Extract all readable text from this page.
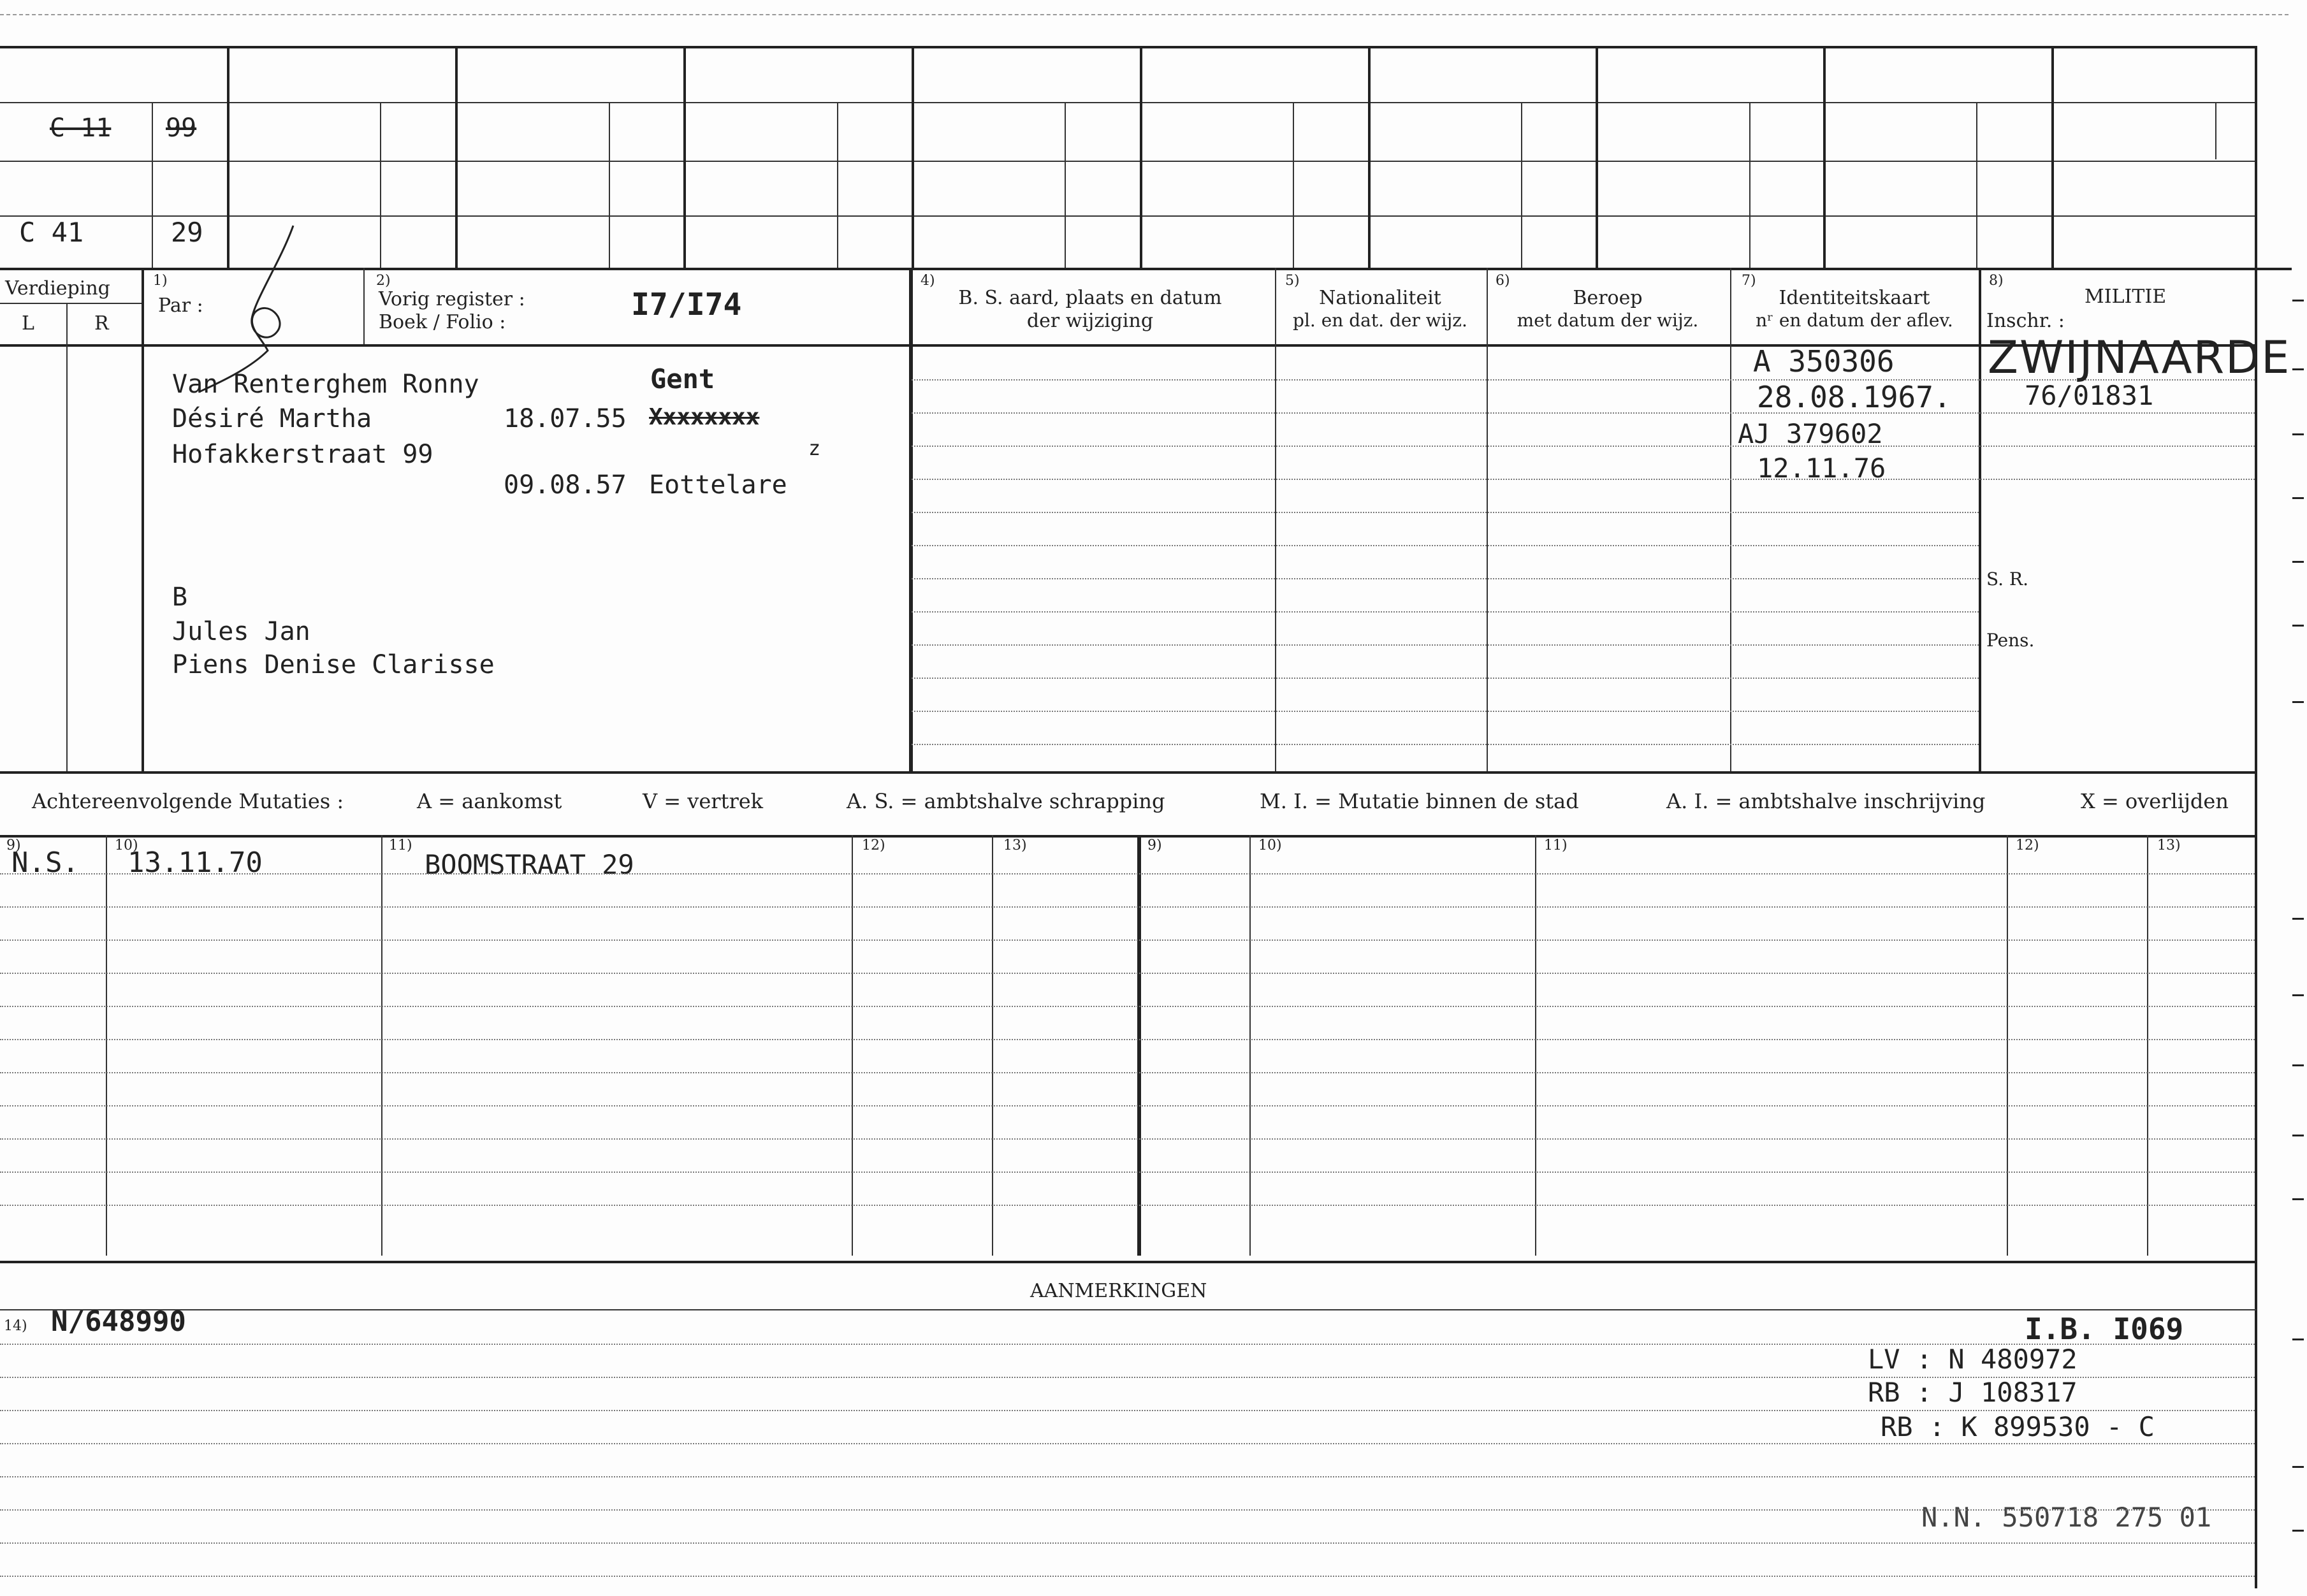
C 11 99
C 41	29
Verdieping
L	R
1)
Par :
2)
Vorig register :
Boek / Folio :	I7/I74
4)
B. S. aard, plaats en datum
der wijziging
5)
Nationaliteit
pl. en dat. der wijz.
6)
Beroep
met datum der wijz.
7)
Identiteitskaart
nʳ en datum der aflev.
8)
MILITIE
Inschr. :
Van Renterghem Ronny
Désiré Martha
Hofakkerstraat 99
Gent
18.07.55 Xxxxxxxx
z
09.08.57 Eottelare
B
Jules Jan
Piens Denise Clarisse
A 350306
28.08.1967.
AJ 379602
12.11.76
ZWIJNAARDE
76/01831
S. R.
Pens.
Achtereenvolgende Mutaties :	A = aankomst	V = vertrek	A. S. = ambtshalve schrapping	M. I. = Mutatie binnen de stad	A. I. = ambtshalve inschrijving	X = overlijden
9)	10)	11)	12)	13)	9)	10)	11)	12)	13)
N.S. 13.11.70	BOOMSTRAAT 29
AANMERKINGEN
14) N/648990	I.B. I069
LV : N 480972
RB : J 108317
RB : K 899530 - C
N.N. 550718 275 01
